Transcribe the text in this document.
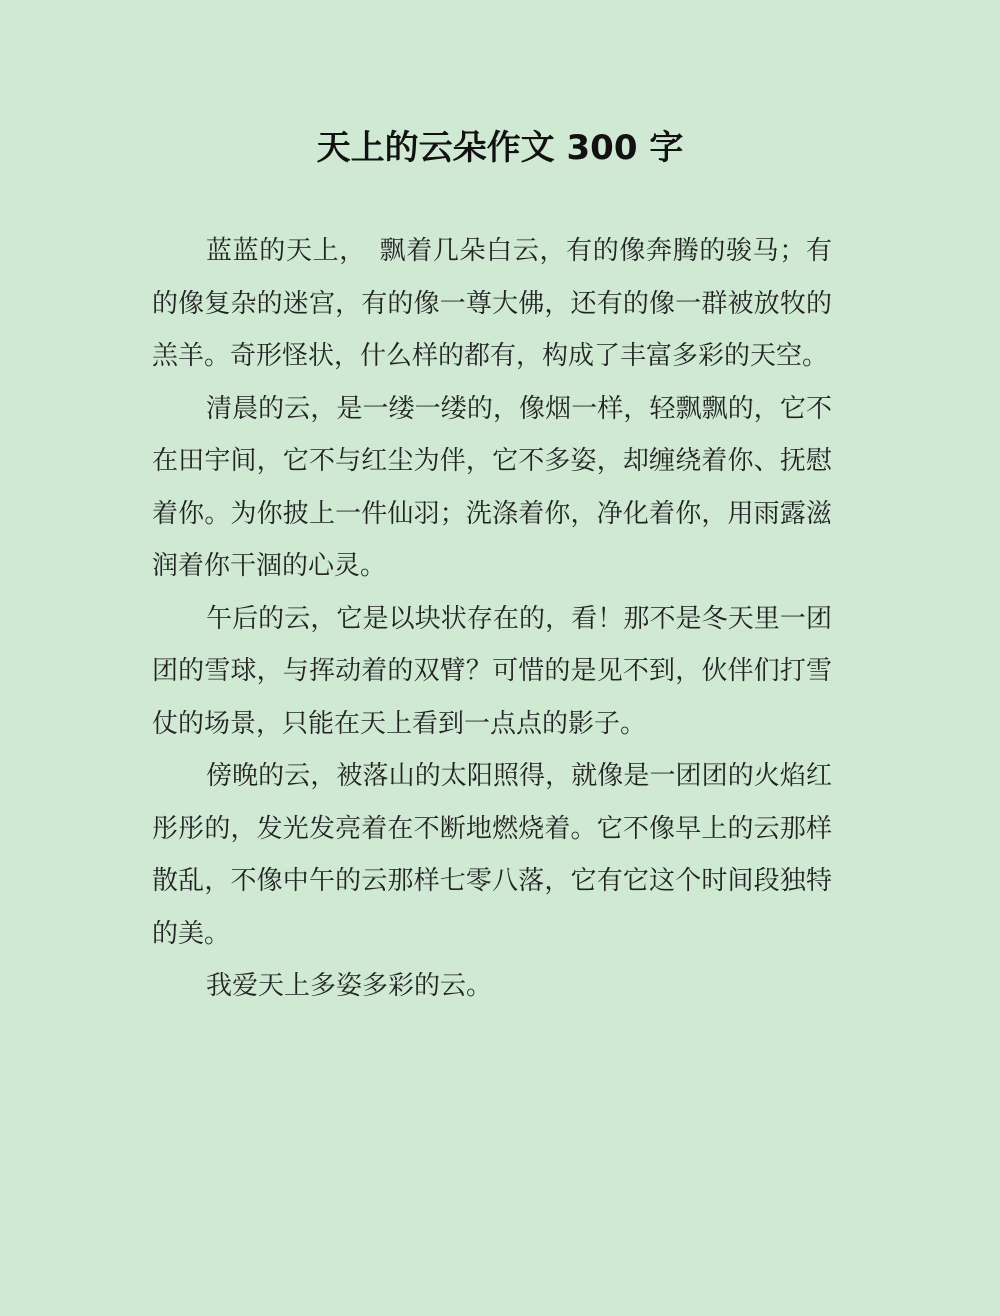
天上的云朵作文 300 字

蓝蓝的天上，　飘着几朵白云，有的像奔腾的骏马；有的像复杂的迷宫，有的像一尊大佛，还有的像一群被放牧的羔羊。奇形怪状，什么样的都有，构成了丰富多彩的天空。

清晨的云，是一缕一缕的，像烟一样，轻飘飘的，它不在田宇间，它不与红尘为伴，它不多姿，却缠绕着你、抚慰着你。为你披上一件仙羽；洗涤着你，净化着你，用雨露滋润着你干涸的心灵。

午后的云，它是以块状存在的，看！那不是冬天里一团团的雪球，与挥动着的双臂？可惜的是见不到，伙伴们打雪仗的场景，只能在天上看到一点点的影子。

傍晚的云，被落山的太阳照得，就像是一团团的火焰红彤彤的，发光发亮着在不断地燃烧着。它不像早上的云那样散乱，不像中午的云那样七零八落，它有它这个时间段独特的美。

我爱天上多姿多彩的云。
